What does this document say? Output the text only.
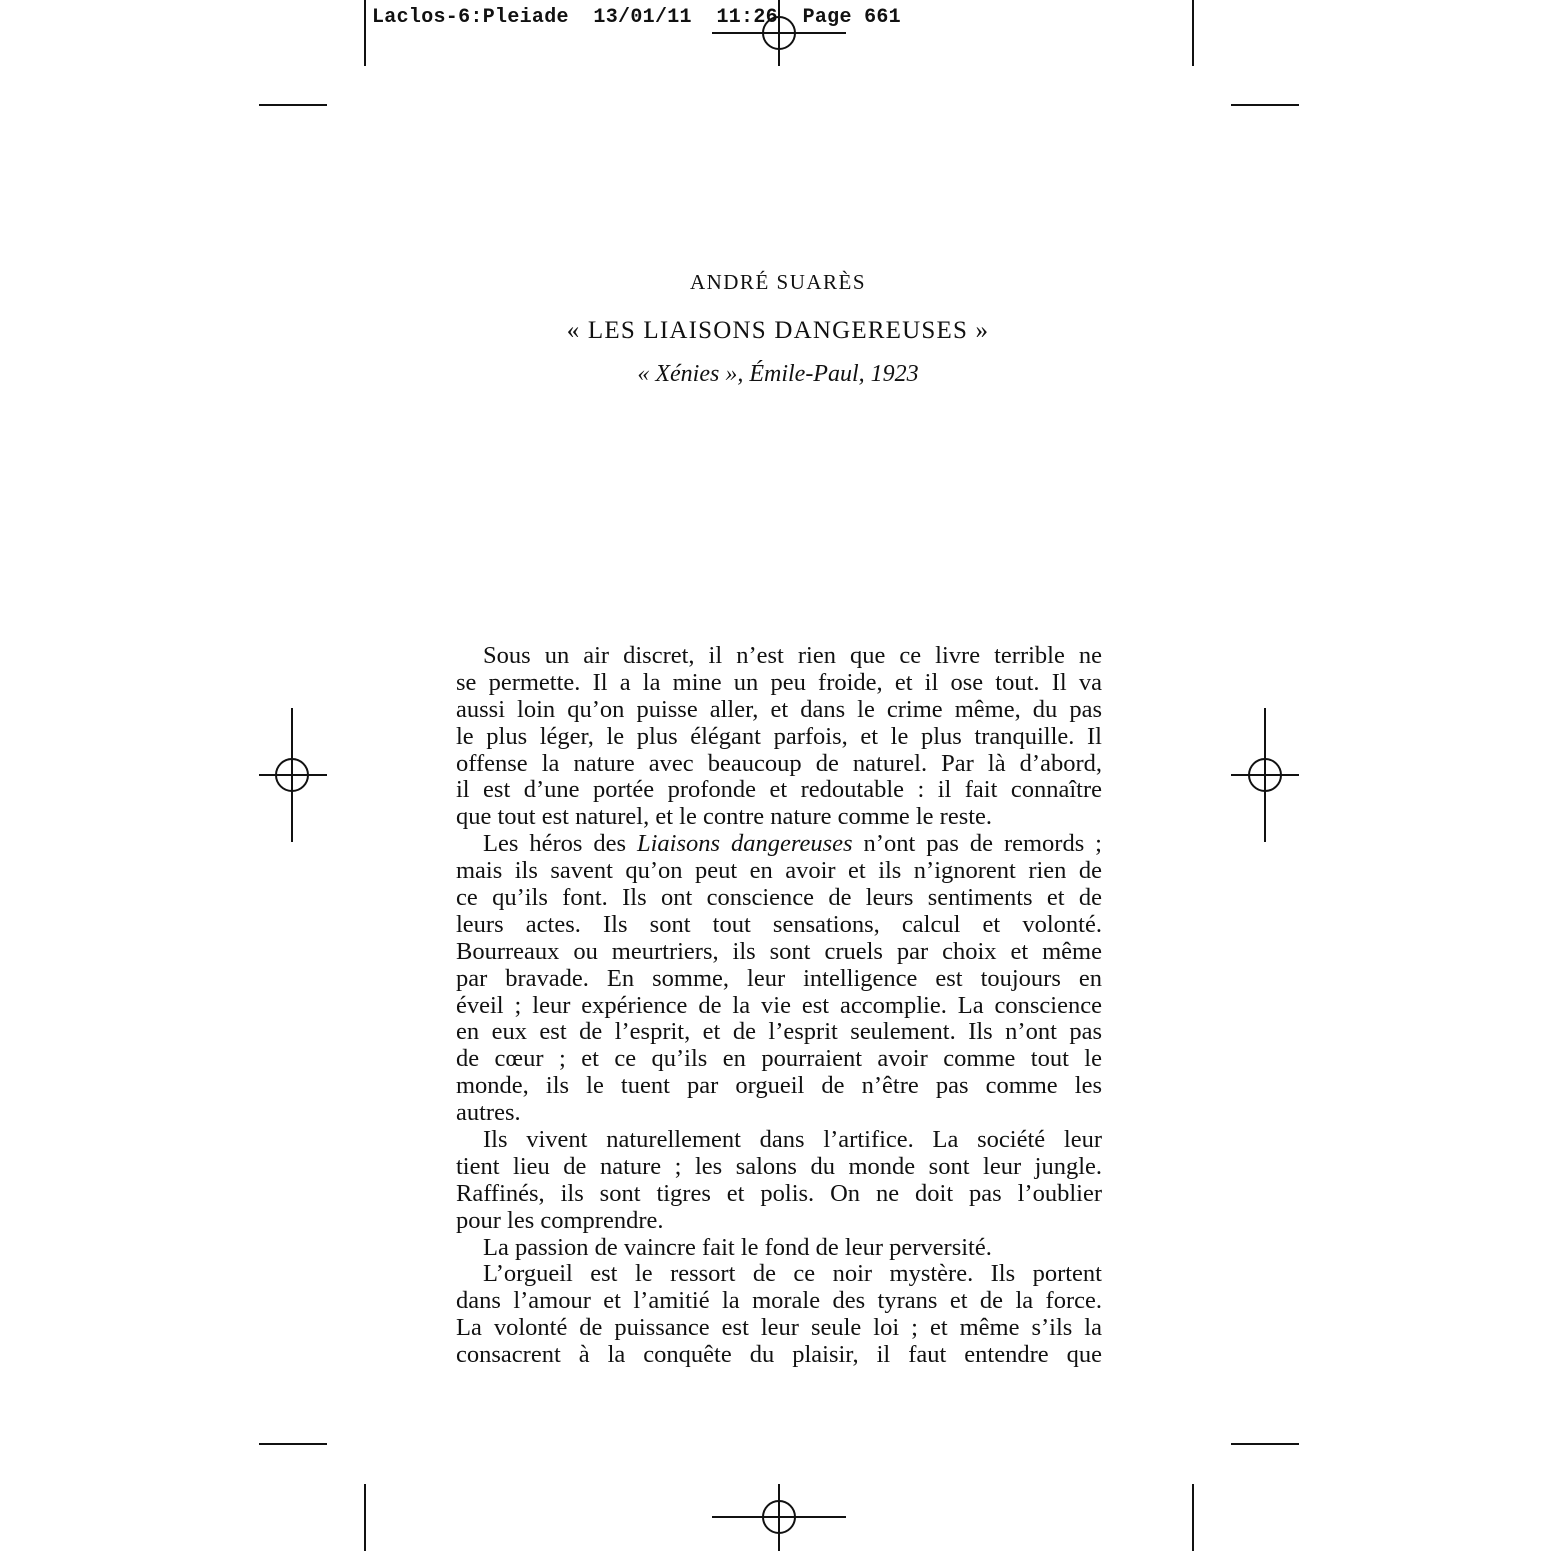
Laclos-6:Pleiade  13/01/11  11:26  Page 661
ANDRÉ SUARÈS
« LES LIAISONS DANGEREUSES »
« Xénies », Émile-Paul, 1923
Sous un air discret, il n’est rien que ce livre terrible ne
se permette. Il a la mine un peu froide, et il ose tout. Il va
aussi loin qu’on puisse aller, et dans le crime même, du pas
le plus léger, le plus élégant parfois, et le plus tranquille. Il
offense la nature avec beaucoup de naturel. Par là d’abord,
il est d’une portée profonde et redoutable : il fait connaître
que tout est naturel, et le contre nature comme le reste.
Les héros des Liaisons dangereuses n’ont pas de remords ;
mais ils savent qu’on peut en avoir et ils n’ignorent rien de
ce qu’ils font. Ils ont conscience de leurs sentiments et de
leurs actes. Ils sont tout sensations, calcul et volonté.
Bourreaux ou meurtriers, ils sont cruels par choix et même
par bravade. En somme, leur intelligence est toujours en
éveil ; leur expérience de la vie est accomplie. La conscience
en eux est de l’esprit, et de l’esprit seulement. Ils n’ont pas
de cœur ; et ce qu’ils en pourraient avoir comme tout le
monde, ils le tuent par orgueil de n’être pas comme les
autres.
Ils vivent naturellement dans l’artifice. La société leur
tient lieu de nature ; les salons du monde sont leur jungle.
Raffinés, ils sont tigres et polis. On ne doit pas l’oublier
pour les comprendre.
La passion de vaincre fait le fond de leur perversité.
L’orgueil est le ressort de ce noir mystère. Ils portent
dans l’amour et l’amitié la morale des tyrans et de la force.
La volonté de puissance est leur seule loi ; et même s’ils la
consacrent à la conquête du plaisir, il faut entendre que
